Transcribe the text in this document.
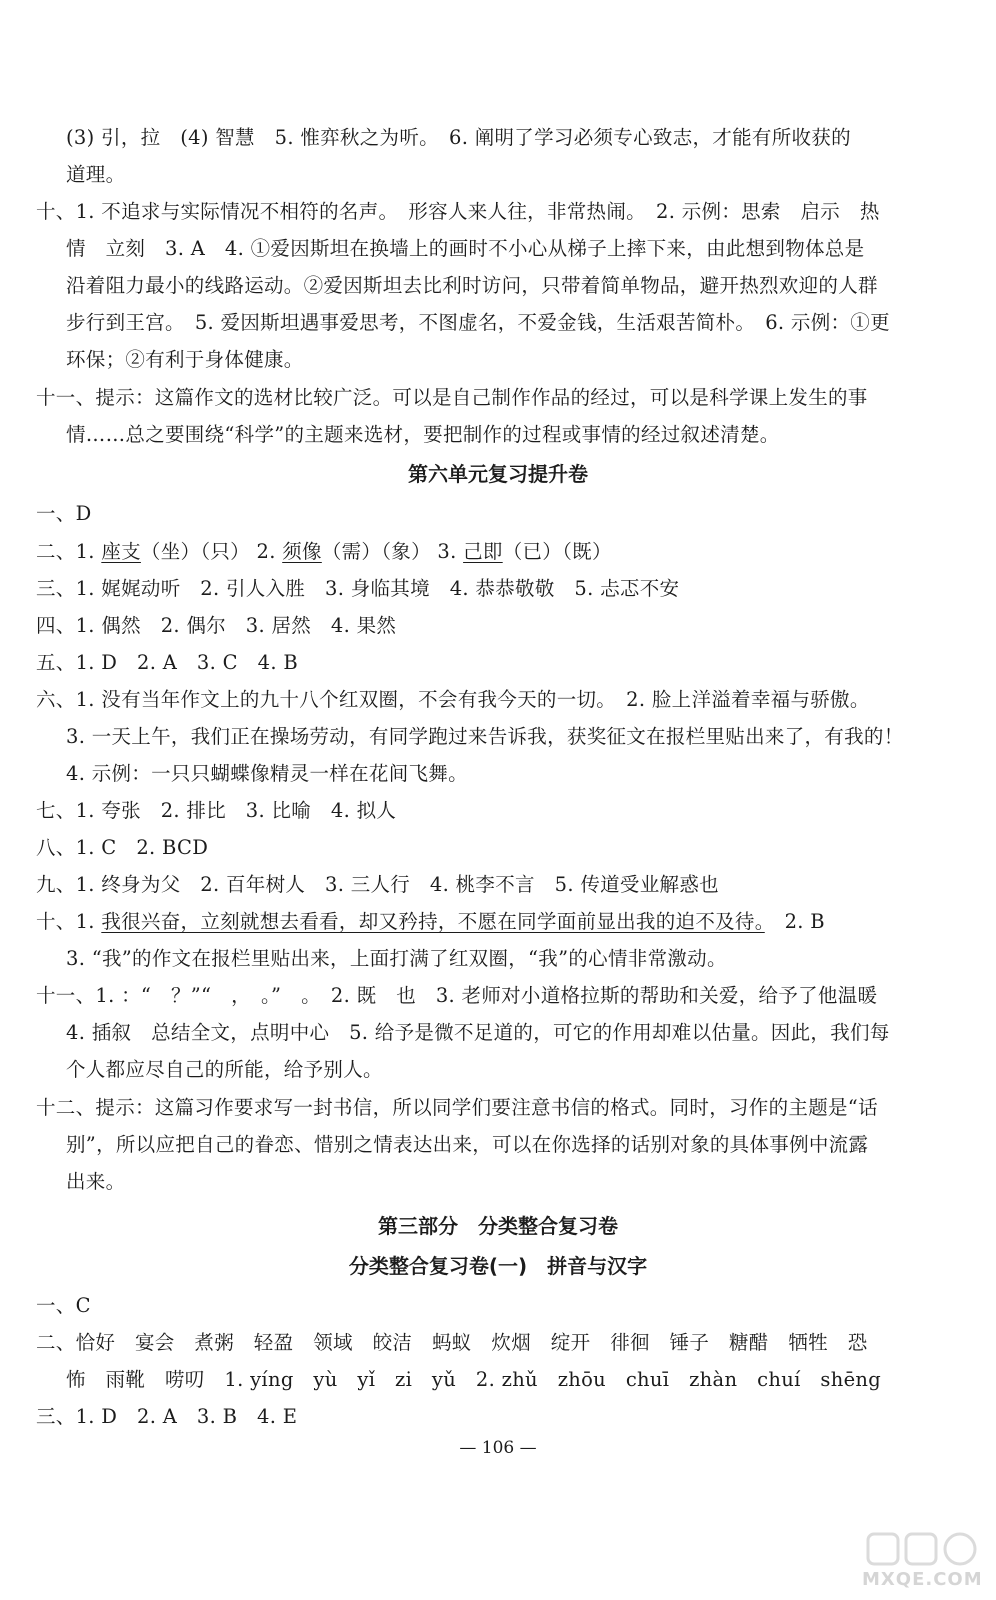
(3) 引，拉　(4) 智慧　5. 惟弈秋之为听。　6. 阐明了学习必须专心致志，才能有所收获的
道理。
十、1. 不追求与实际情况不相符的名声。　形容人来人往，非常热闹。　2. 示例：思索　启示　热
情　立刻　3. A　4. ①爱因斯坦在换墙上的画时不小心从梯子上摔下来，由此想到物体总是
沿着阻力最小的线路运动。②爱因斯坦去比利时访问，只带着简单物品，避开热烈欢迎的人群
步行到王宫。　5. 爱因斯坦遇事爱思考，不图虚名，不爱金钱，生活艰苦简朴。　6. 示例：①更
环保；②有利于身体健康。
十一、提示：这篇作文的选材比较广泛。可以是自己制作作品的经过，可以是科学课上发生的事
情……总之要围绕“科学”的主题来选材，要把制作的过程或事情的经过叙述清楚。
第六单元复习提升卷
一、D
二、1. 座支（坐）（只） 2. 须像（需）（象） 3. 己即（已）（既）
三、1. 娓娓动听　2. 引人入胜　3. 身临其境　4. 恭恭敬敬　5. 忐忑不安
四、1. 偶然　2. 偶尔　3. 居然　4. 果然
五、1. D　2. A　3. C　4. B
六、1. 没有当年作文上的九十八个红双圈，不会有我今天的一切。　2. 脸上洋溢着幸福与骄傲。
3. 一天上午，我们正在操场劳动，有同学跑过来告诉我，获奖征文在报栏里贴出来了，有我的！
4. 示例：一只只蝴蝶像精灵一样在花间飞舞。
七、1. 夸张　2. 排比　3. 比喻　4. 拟人
八、1. C　2. BCD
九、1. 终身为父　2. 百年树人　3. 三人行　4. 桃李不言　5. 传道受业解惑也
十、1. 我很兴奋，立刻就想去看看，却又矜持，不愿在同学面前显出我的迫不及待。　2. B
3. “我”的作文在报栏里贴出来，上面打满了红双圈，“我”的心情非常激动。
十一、1. ：“　？”“　，　。”　。　2. 既　也　3. 老师对小道格拉斯的帮助和关爱，给予了他温暖
4. 插叙　总结全文，点明中心　5. 给予是微不足道的，可它的作用却难以估量。因此，我们每
个人都应尽自己的所能，给予别人。
十二、提示：这篇习作要求写一封书信，所以同学们要注意书信的格式。同时，习作的主题是“话
别”，所以应把自己的眷恋、惜别之情表达出来，可以在你选择的话别对象的具体事例中流露
出来。
第三部分　分类整合复习卷
分类整合复习卷(一)　拼音与汉字
一、C
二、恰好　宴会　煮粥　轻盈　领域　皎洁　蚂蚁　炊烟　绽开　徘徊　锤子　糖醋　牺牲　恐
怖　雨靴　唠叨　1. yíng　yù　yǐ　zi　yǔ　2. zhǔ　zhōu　chuī　zhàn　chuí　shēng
三、1. D　2. A　3. B　4. E
— 106 —
MXQE.COM
